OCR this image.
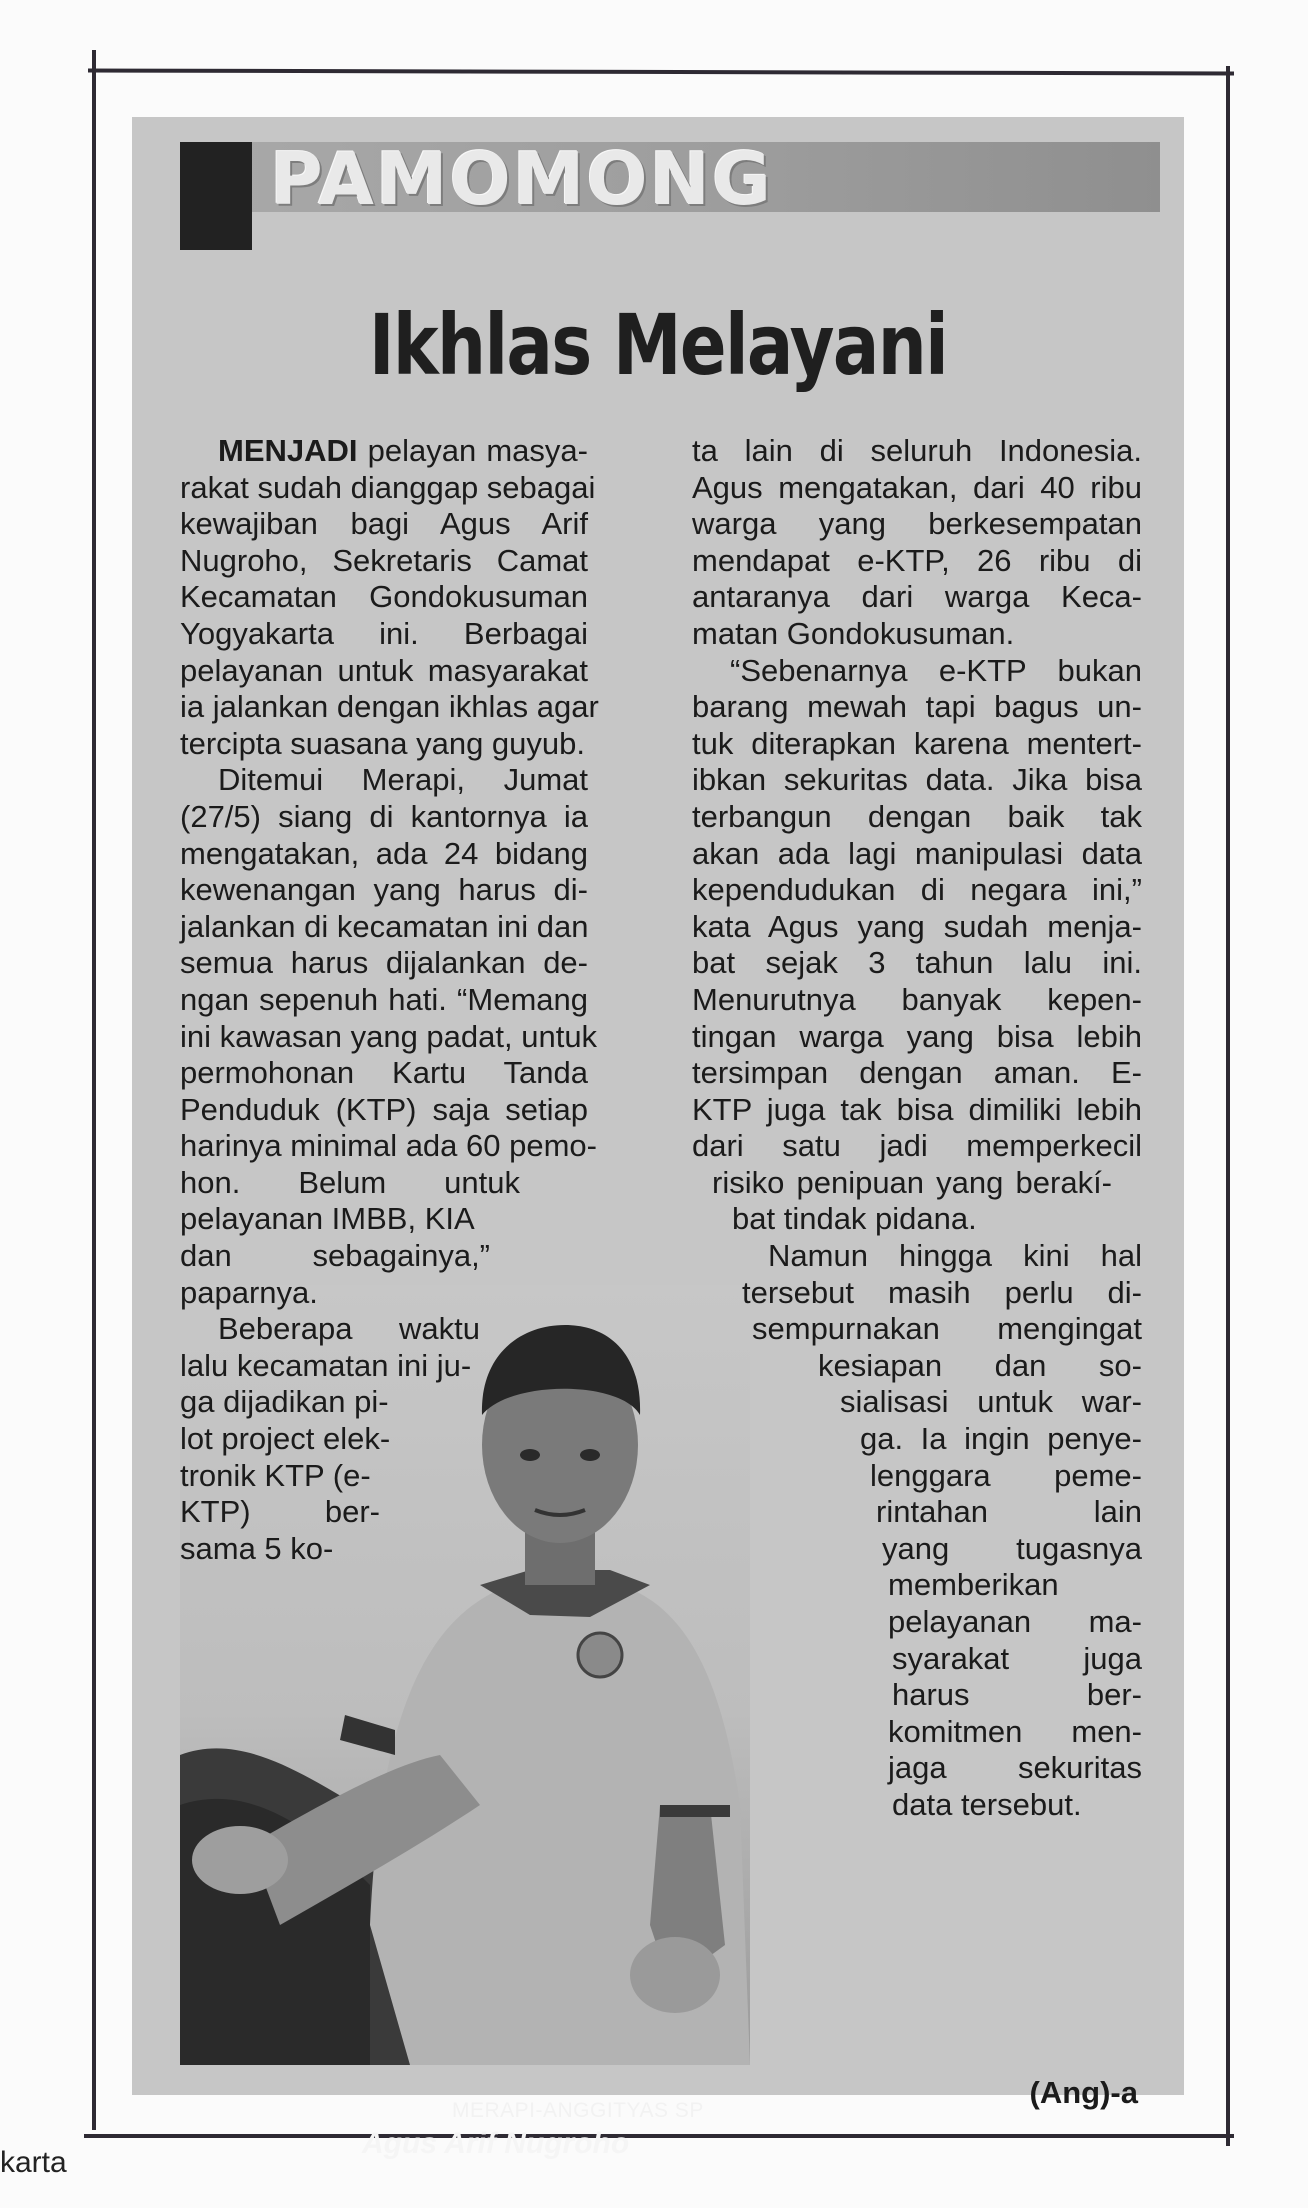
PAMOMONG
Ikhlas Melayani
MENJADI pelayan masya-
rakat sudah dianggap sebagai
kewajiban bagi Agus Arif
Nugroho, Sekretaris Camat
Kecamatan Gondokusuman
Yogyakarta ini. Berbagai
pelayanan untuk masyarakat
ia jalankan dengan ikhlas agar
tercipta suasana yang guyub.
Ditemui Merapi, Jumat
(27/5) siang di kantornya ia
mengatakan, ada 24 bidang
kewenangan yang harus di-
jalankan di kecamatan ini dan
semua harus dijalankan de-
ngan sepenuh hati. “Memang
ini kawasan yang padat, untuk
permohonan Kartu Tanda
Penduduk (KTP) saja setiap
harinya minimal ada 60 pemo-
hon. Belum untuk
pelayanan IMBB, KIA
dan sebagainya,”
paparnya.
Beberapa waktu
lalu kecamatan ini ju-
ga dijadikan pi-
lot project elek-
tronik KTP (e-
KTP) ber-
sama 5 ko-
ta lain di seluruh Indonesia.
Agus mengatakan, dari 40 ribu
warga yang berkesempatan
mendapat e-KTP, 26 ribu di
antaranya dari warga Keca-
matan Gondokusuman.
“Sebenarnya e-KTP bukan
barang mewah tapi bagus un-
tuk diterapkan karena mentert-
ibkan sekuritas data. Jika bisa
terbangun dengan baik tak
akan ada lagi manipulasi data
kependudukan di negara ini,”
kata Agus yang sudah menja-
bat sejak 3 tahun lalu ini.
Menurutnya banyak kepen-
tingan warga yang bisa lebih
tersimpan dengan aman. E-
KTP juga tak bisa dimiliki lebih
dari satu jadi memperkecil
risiko penipuan yang berakí-
bat tindak pidana.
Namun hingga kini hal
tersebut masih perlu di-
sempurnakan mengingat
kesiapan dan so-
sialisasi untuk war-
ga. Ia ingin penye-
lenggara peme-
rintahan lain
yang tugasnya
memberikan
pelayanan ma-
syarakat juga
harus ber-
komitmen men-
jaga sekuritas
data tersebut.
(Ang)-a
MERAPI-ANGGITYAS SP
Agus Arif Nugroho
karta
